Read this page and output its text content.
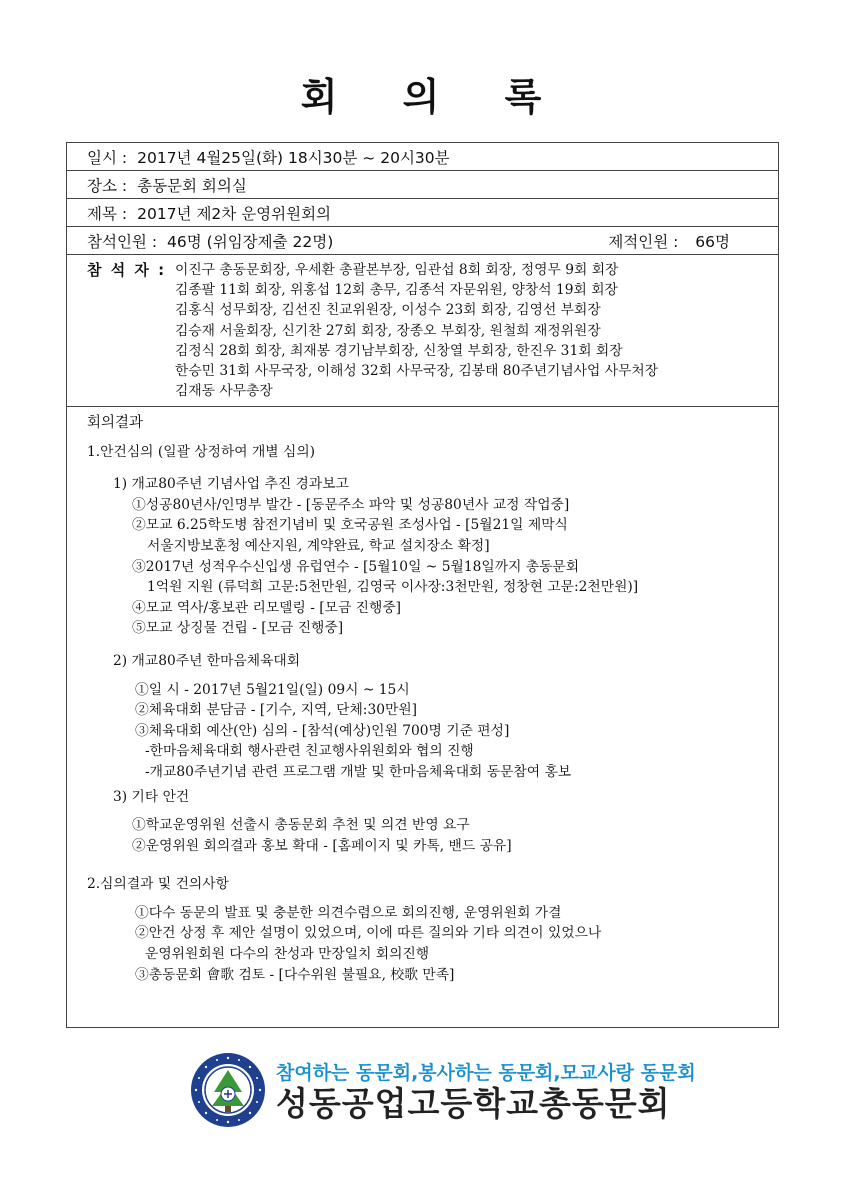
회 의 록
일시 : 2017년 4월25일(화) 18시30분 ~ 20시30분
장소 : 총동문회 회의실
제목 : 2017년 제2차 운영위원회의
참석인원 : 46명 (위임장제출 22명)	제적인원 : 66명
참 석 자 : 이진구 총동문회장, 우세환 총괄본부장, 임관섭 8회 회장, 정영무 9회 회장
김종팔 11회 회장, 위홍섭 12회 총무, 김종석 자문위원, 양창석 19회 회장
김홍식 성무회장, 김선진 친교위원장, 이성수 23회 회장, 김영선 부회장
김승재 서울회장, 신기찬 27회 회장, 장종오 부회장, 원철희 재정위원장
김정식 28회 회장, 최재봉 경기남부회장, 신창열 부회장, 한진우 31회 회장
한승민 31회 사무국장, 이해성 32회 사무국장, 김봉태 80주년기념사업 사무처장
김재동 사무총장
회의결과
1.안건심의 (일괄 상정하여 개별 심의)
1) 개교80주년 기념사업 추진 경과보고
①성공80년사/인명부 발간 - [동문주소 파악 및 성공80년사 교정 작업중]
②모교 6.25학도병 참전기념비 및 호국공원 조성사업 - [5월21일 제막식
서울지방보훈청 예산지원, 계약완료, 학교 설치장소 확정]
③2017년 성적우수신입생 유럽연수 - [5월10일 ~ 5월18일까지 총동문회
1억원 지원 (류덕희 고문:5천만원, 김영국 이사장:3천만원, 정창현 고문:2천만원)]
④모교 역사/홍보관 리모델링 - [모금 진행중]
⑤모교 상징물 건립 - [모금 진행중]
2) 개교80주년 한마음체육대회
①일 시 - 2017년 5월21일(일) 09시 ~ 15시
②체육대회 분담금 - [기수, 지역, 단체:30만원]
③체육대회 예산(안) 심의 - [참석(예상)인원 700명 기준 편성]
-한마음체육대회 행사관련 친교행사위원회와 협의 진행
-개교80주년기념 관련 프로그램 개발 및 한마음체육대회 동문참여 홍보
3) 기타 안건
①학교운영위원 선출시 총동문회 추천 및 의견 반영 요구
②운영위원 회의결과 홍보 확대 - [홈페이지 및 카톡, 밴드 공유]
2.심의결과 및 건의사항
①다수 동문의 발표 및 충분한 의견수렴으로 회의진행, 운영위원회 가결
②안건 상정 후 제안 설명이 있었으며, 이에 따른 질의와 기타 의견이 있었으나
운영위원회원 다수의 찬성과 만장일치 회의진행
③총동문회 會歌 검토 - [다수위원 불필요, 校歌 만족]
참여하는 동문회,봉사하는 동문회,모교사랑 동문회
성동공업고등학교총동문회
